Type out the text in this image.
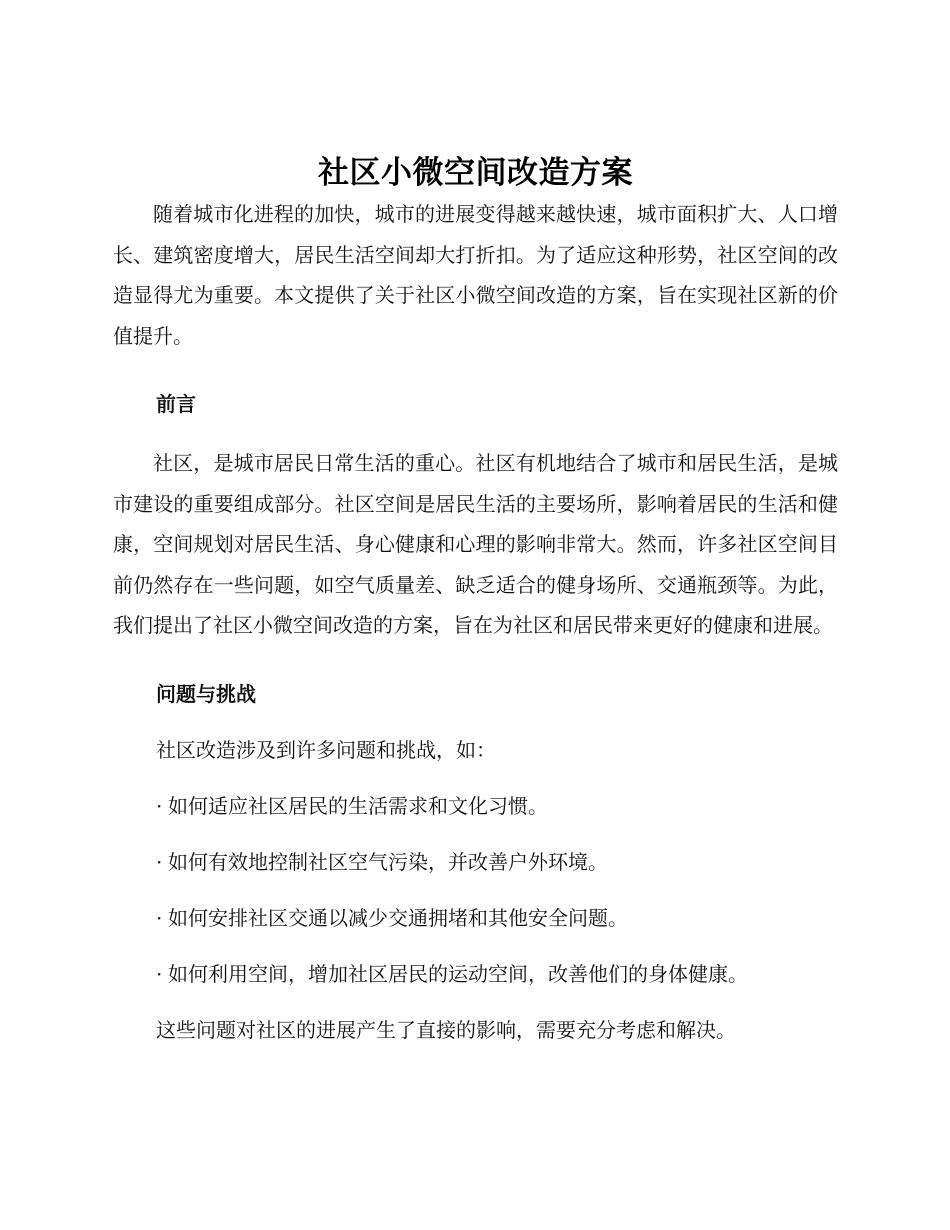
社区小微空间改造方案

随着城市化进程的加快，城市的进展变得越来越快速，城市面积扩大、人口增长、建筑密度增大，居民生活空间却大打折扣。为了适应这种形势，社区空间的改造显得尤为重要。本文提供了关于社区小微空间改造的方案，旨在实现社区新的价值提升。

前言

社区，是城市居民日常生活的重心。社区有机地结合了城市和居民生活，是城市建设的重要组成部分。社区空间是居民生活的主要场所，影响着居民的生活和健康，空间规划对居民生活、身心健康和心理的影响非常大。然而，许多社区空间目前仍然存在一些问题，如空气质量差、缺乏适合的健身场所、交通瓶颈等。为此，我们提出了社区小微空间改造的方案，旨在为社区和居民带来更好的健康和进展。

问题与挑战

社区改造涉及到许多问题和挑战，如：

· 如何适应社区居民的生活需求和文化习惯。
· 如何有效地控制社区空气污染，并改善户外环境。
· 如何安排社区交通以减少交通拥堵和其他安全问题。
· 如何利用空间，增加社区居民的运动空间，改善他们的身体健康。

这些问题对社区的进展产生了直接的影响，需要充分考虑和解决。
